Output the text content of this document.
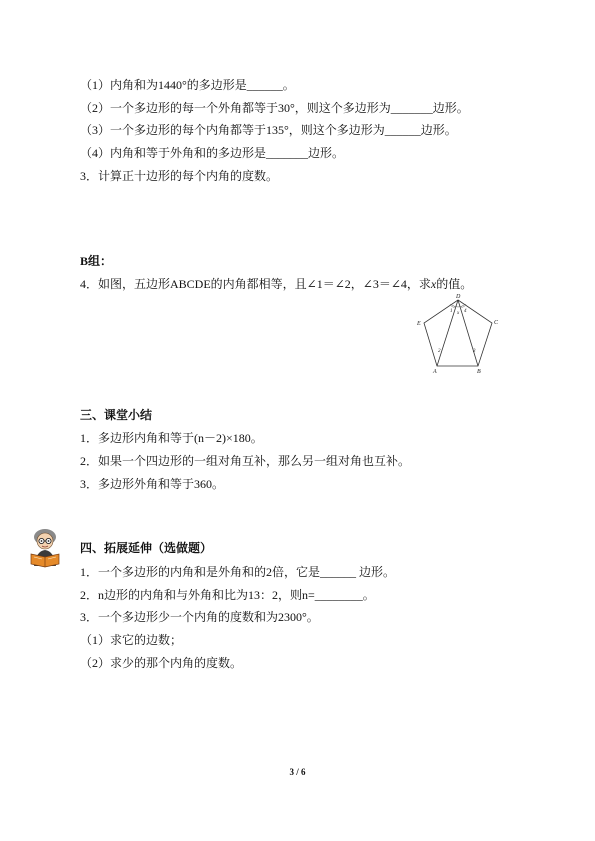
（1）内角和为1440°的多边形是______。
（2）一个多边形的每一个外角都等于30°，则这个多边形为_______边形。
（3）一个多边形的每个内角都等于135°，则这个多边形为______边形。
（4）内角和等于外角和的多边形是_______边形。
3．计算正十边形的每个内角的度数。
B组：
4．如图，五边形ABCDE的内角都相等，且∠1＝∠2，∠3＝∠4，求x的值。
D
C
B
A
E
1 x 4
2	3
三、课堂小结
1．多边形内角和等于(n－2)×180。
2．如果一个四边形的一组对角互补，那么另一组对角也互补。
3．多边形外角和等于360。
四、拓展延伸（选做题）
1．一个多边形的内角和是外角和的2倍，它是______ 边形。
2．n边形的内角和与外角和比为13：2，则n=________。
3．一个多边形少一个内角的度数和为2300°。
（1）求它的边数；
（2）求少的那个内角的度数。
3 / 6
